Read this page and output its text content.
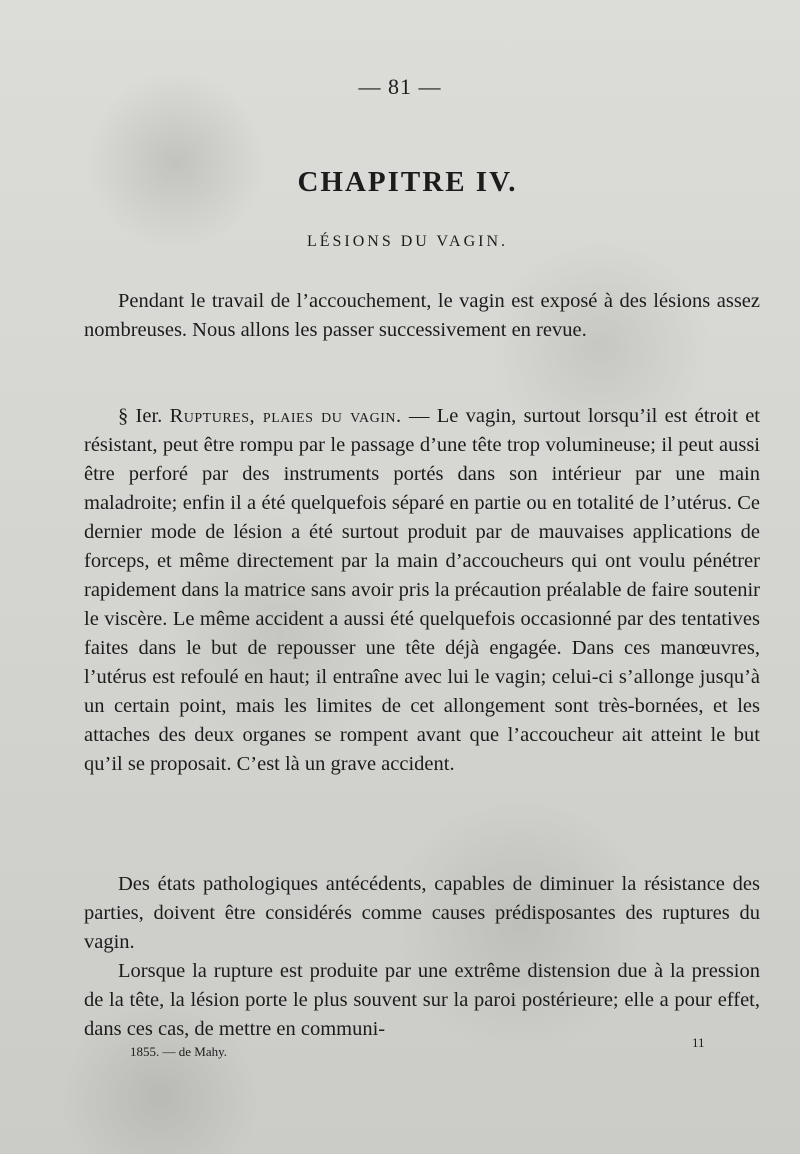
— 81 —
CHAPITRE IV.
LÉSIONS DU VAGIN.

Pendant le travail de l’accouchement, le vagin est exposé à des lésions assez nombreuses. Nous allons les passer successivement en revue.

§ Ier. Ruptures, plaies du vagin. — Le vagin, surtout lorsqu’il est étroit et résistant, peut être rompu par le passage d’une tête trop volumineuse; il peut aussi être perforé par des instruments portés dans son intérieur par une main maladroite; enfin il a été quelquefois séparé en partie ou en totalité de l’utérus. Ce dernier mode de lésion a été surtout produit par de mauvaises applications de forceps, et même directement par la main d’accoucheurs qui ont voulu pénétrer rapidement dans la matrice sans avoir pris la précaution préalable de faire soutenir le viscère. Le même accident a aussi été quelquefois occasionné par des tentatives faites dans le but de repousser une tête déjà engagée. Dans ces manœuvres, l’utérus est refoulé en haut; il entraîne avec lui le vagin; celui-ci s’allonge jusqu’à un certain point, mais les limites de cet allongement sont très-bornées, et les attaches des deux organes se rompent avant que l’accoucheur ait atteint le but qu’il se proposait. C’est là un grave accident.

Des états pathologiques antécédents, capables de diminuer la résistance des parties, doivent être considérés comme causes prédisposantes des ruptures du vagin.

Lorsque la rupture est produite par une extrême distension due à la pression de la tête, la lésion porte le plus souvent sur la paroi postérieure; elle a pour effet, dans ces cas, de mettre en communi-

1855. — de Mahy.
11
